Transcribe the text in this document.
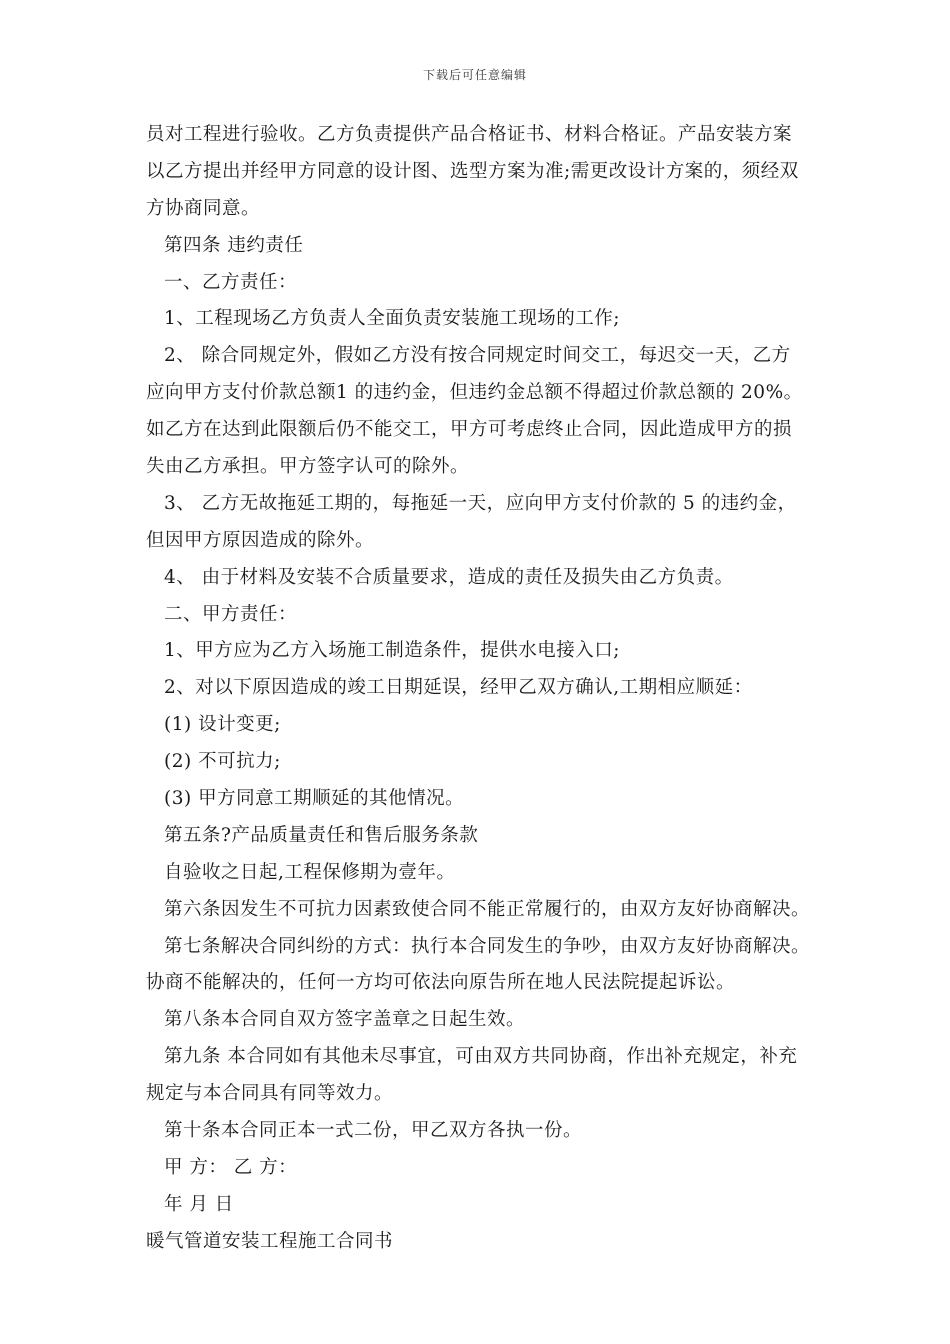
下载后可任意编辑
员对工程进行验收。乙方负责提供产品合格证书、材料合格证。产品安装方案
以乙方提出并经甲方同意的设计图、选型方案为准;需更改设计方案的，须经双
方协商同意。
第四条 违约责任
一、乙方责任：
1、工程现场乙方负责人全面负责安装施工现场的工作;
2、 除合同规定外，假如乙方没有按合同规定时间交工，每迟交一天，乙方
应向甲方支付价款总额1 的违约金，但违约金总额不得超过价款总额的 20%。
如乙方在达到此限额后仍不能交工，甲方可考虑终止合同，因此造成甲方的损
失由乙方承担。甲方签字认可的除外。
3、 乙方无故拖延工期的，每拖延一天，应向甲方支付价款的 5 的违约金，
但因甲方原因造成的除外。
4、 由于材料及安装不合质量要求，造成的责任及损失由乙方负责。
二、甲方责任：
1、甲方应为乙方入场施工制造条件，提供水电接入口;
2、对以下原因造成的竣工日期延误，经甲乙双方确认,工期相应顺延：
(1) 设计变更;
(2) 不可抗力;
(3) 甲方同意工期顺延的其他情况。
第五条?产品质量责任和售后服务条款
自验收之日起,工程保修期为壹年。
第六条因发生不可抗力因素致使合同不能正常履行的，由双方友好协商解决。
第七条解决合同纠纷的方式：执行本合同发生的争吵，由双方友好协商解决。
协商不能解决的，任何一方均可依法向原告所在地人民法院提起诉讼。
第八条本合同自双方签字盖章之日起生效。
第九条 本合同如有其他未尽事宜，可由双方共同协商，作出补充规定，补充
规定与本合同具有同等效力。
第十条本合同正本一式二份，甲乙双方各执一份。
甲 方： 乙 方：
年 月 日
暖气管道安装工程施工合同书
